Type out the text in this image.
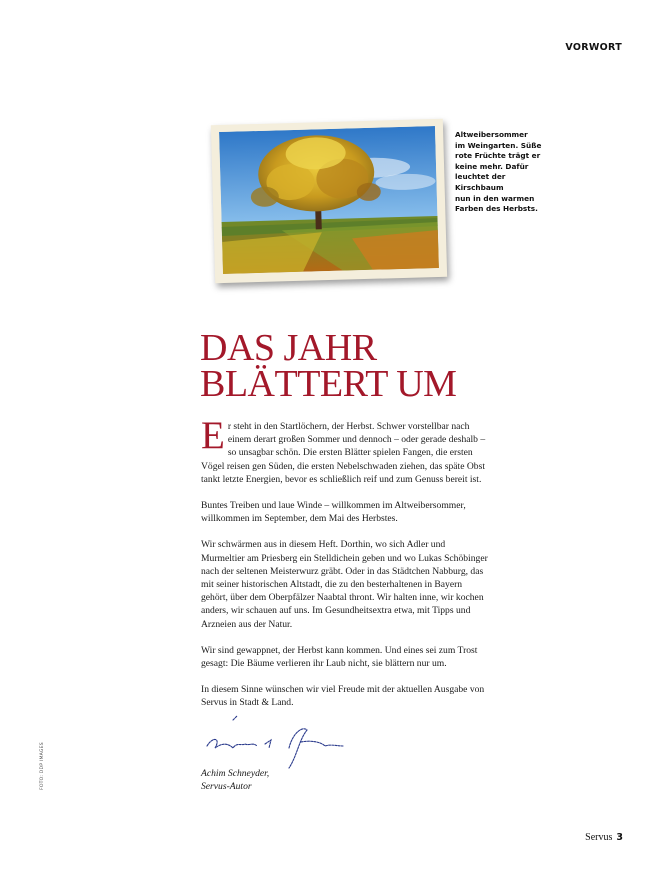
VORWORT
Altweibersommer
im Weingarten. Süße
rote Früchte trägt er
keine mehr. Dafür
leuchtet der Kirschbaum
nun in den warmen
Farben des Herbsts.
DAS JAHR
BLÄTTERT UM

Er steht in den Startlöchern, der Herbst. Schwer vorstellbar nach einem derart großen Sommer und dennoch – oder gerade deshalb – so unsagbar schön. Die ersten Blätter spielen Fangen, die ersten Vögel reisen gen Süden, die ersten Nebelschwaden ziehen, das späte Obst tankt letzte Energien, bevor es schließlich reif und zum Genuss bereit ist.

Buntes Treiben und laue Winde – willkommen im Altweibersommer, willkommen im September, dem Mai des Herbstes.

Wir schwärmen aus in diesem Heft. Dorthin, wo sich Adler und Murmeltier am Priesberg ein Stelldichein geben und wo Lukas Schöbinger nach der seltenen Meisterwurz gräbt. Oder in das Städtchen Nabburg, das mit seiner historischen Altstadt, die zu den besterhaltenen in Bayern gehört, über dem Oberpfälzer Naabtal thront. Wir halten inne, wir kochen anders, wir schauen auf uns. Im Gesundheitsextra etwa, mit Tipps und Arzneien aus der Natur.

Wir sind gewappnet, der Herbst kann kommen. Und eines sei zum Trost gesagt: Die Bäume verlieren ihr Laub nicht, sie blättern nur um.

In diesem Sinne wünschen wir viel Freude mit der aktuellen Ausgabe von Servus in Stadt & Land.

Achim Schneyder,
Servus-Autor
FOTO: DDP IMAGES
Servus 3
